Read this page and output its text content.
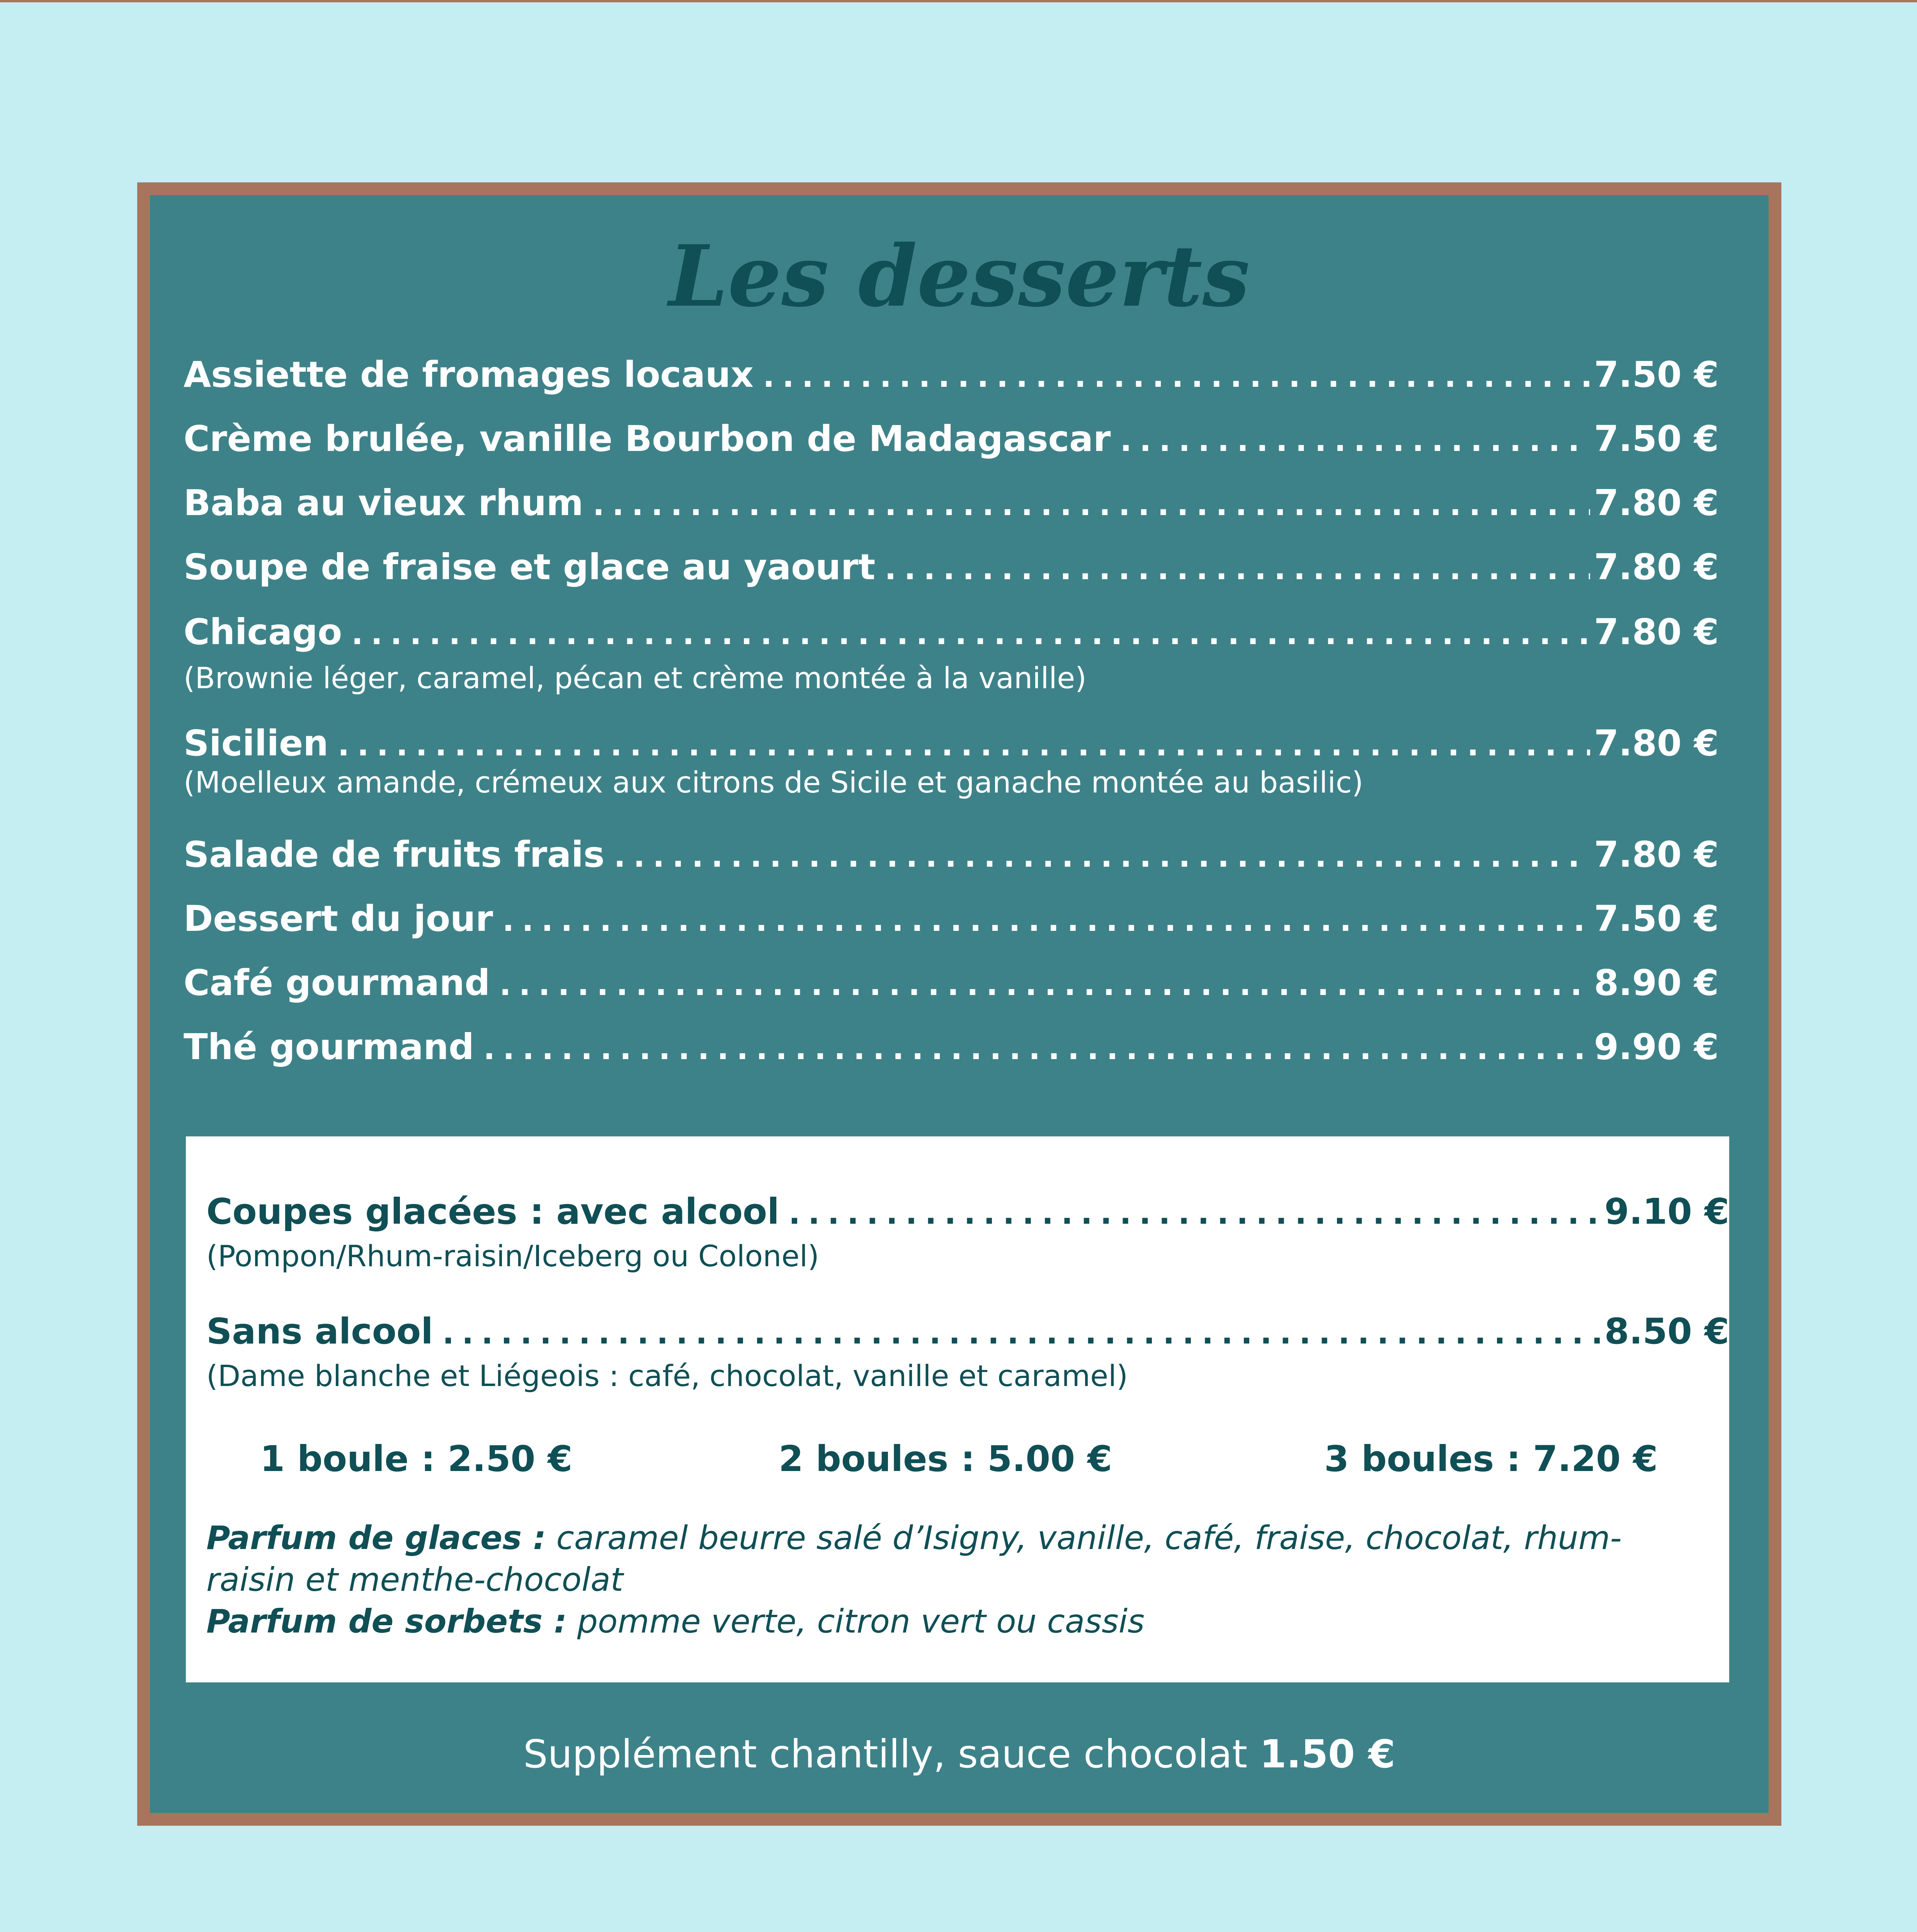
Les desserts
Assiette de fromages locaux .....	7.50 €
Crème brulée, vanille Bourbon de Madagascar .....	7.50 €
Baba au vieux rhum .....	7.80 €
Soupe de fraise et glace au yaourt .....	7.80 €
Chicago .....	7.80 €
(Brownie léger, caramel, pécan et crème montée à la vanille)
Sicilien .....	7.80 €
(Moelleux amande, crémeux aux citrons de Sicile et ganache montée au basilic)
Salade de fruits frais .....	7.80 €
Dessert du jour .....	7.50 €
Café gourmand .....	8.90 €
Thé gourmand .....	9.90 €
Coupes glacées : avec alcool .....	9.10 €
(Pompon/Rhum-raisin/Iceberg ou Colonel)
Sans alcool .....	8.50 €
(Dame blanche et Liégeois : café, chocolat, vanille et caramel)
1 boule : 2.50 €	2 boules : 5.00 €	3 boules : 7.20 €

Parfum de glaces : caramel beurre salé d’Isigny, vanille, café, fraise, chocolat, rhum-raisin et menthe-chocolat

Parfum de sorbets : pomme verte, citron vert ou cassis

Supplément chantilly, sauce chocolat 1.50 €
